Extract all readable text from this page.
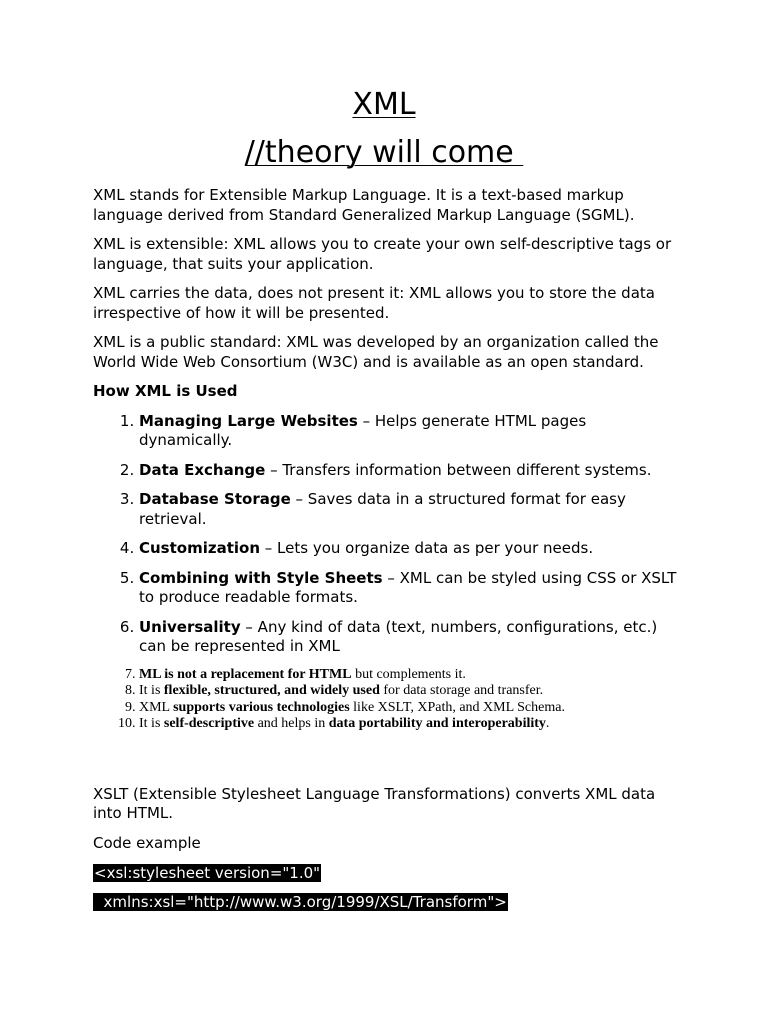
XML
//theory will come

XML stands for Extensible Markup Language. It is a text-based markup language derived from Standard Generalized Markup Language (SGML).

XML is extensible: XML allows you to create your own self-descriptive tags or language, that suits your application.

XML carries the data, does not present it: XML allows you to store the data irrespective of how it will be presented.

XML is a public standard: XML was developed by an organization called the World Wide Web Consortium (W3C) and is available as an open standard.

How XML is Used

1. Managing Large Websites – Helps generate HTML pages dynamically.
2. Data Exchange – Transfers information between different systems.
3. Database Storage – Saves data in a structured format for easy retrieval.
4. Customization – Lets you organize data as per your needs.
5. Combining with Style Sheets – XML can be styled using CSS or XSLT to produce readable formats.
6. Universality – Any kind of data (text, numbers, configurations, etc.) can be represented in XML
7. ML is not a replacement for HTML but complements it.
8. It is flexible, structured, and widely used for data storage and transfer.
9. XML supports various technologies like XSLT, XPath, and XML Schema.
10. It is self-descriptive and helps in data portability and interoperability.

XSLT (Extensible Stylesheet Language Transformations) converts XML data into HTML.

Code example

<xsl:stylesheet version="1.0"
xmlns:xsl="http://www.w3.org/1999/XSL/Transform">
